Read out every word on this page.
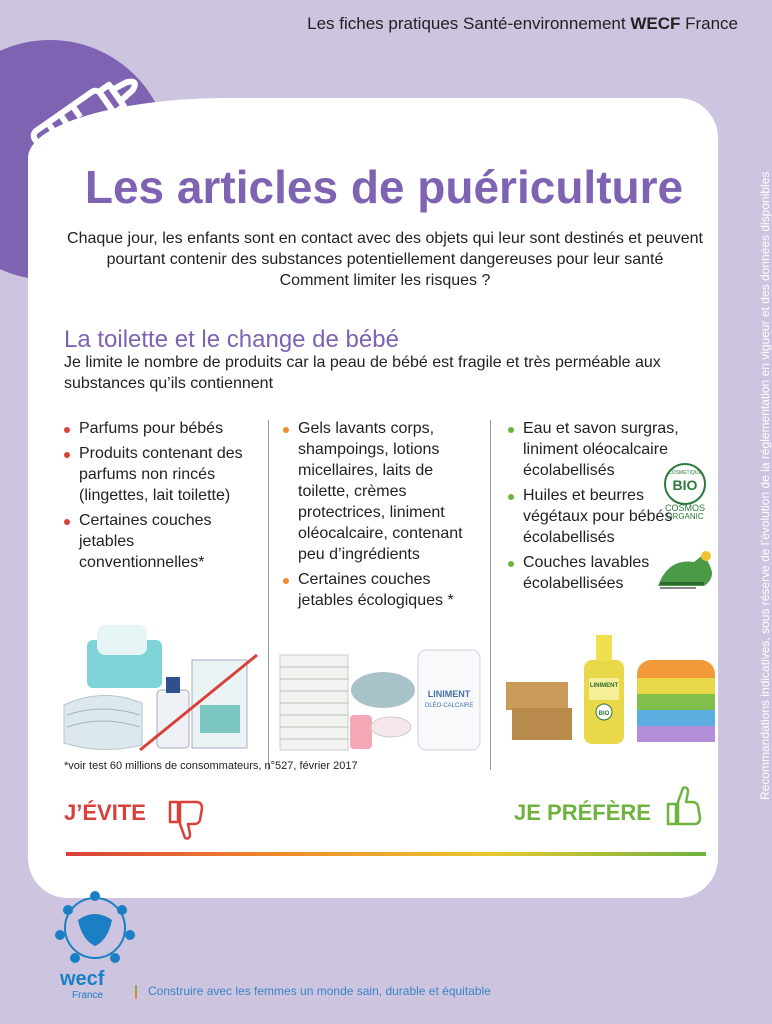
Les fiches pratiques Santé-environnement WECF France
Les articles de puériculture
Chaque jour, les enfants sont en contact avec des objets qui leur sont destinés et peuvent
pourtant contenir des substances potentiellement dangereuses pour leur santé
Comment limiter les risques ?
La toilette et le change de bébé
Je limite le nombre de produits car la peau de bébé est fragile et très perméable aux substances qu’ils contiennent
Parfums pour bébés
Produits contenant des parfums non rincés (lingettes, lait toilette)
Certaines couches jetables conventionnelles*
Gels lavants corps, shampoings, lotions micellaires, laits de toilette, crèmes protectrices, liniment oléocalcaire, contenant peu d’ingrédients
Certaines couches jetables écologiques *
Eau et savon surgras, liniment oléocalcaire écolabellisés
Huiles et beurres végétaux pour bébés écolabellisés
Couches lavables écolabellisées
COSMETIQUE
BIO
COSMOS
ORGANIC
LINIMENT
OLÉO-CALCAIRE
LINIMENT
BIO
*voir test 60 millions de consommateurs, n°527, février 2017
J’ÉVITE	JE PRÉFÈRE
Recommandations indicatives, sous réserve de l’évolution de la réglementation en vigueur et des données disponibles
wecf
France	Construire avec les femmes un monde sain, durable et équitable
